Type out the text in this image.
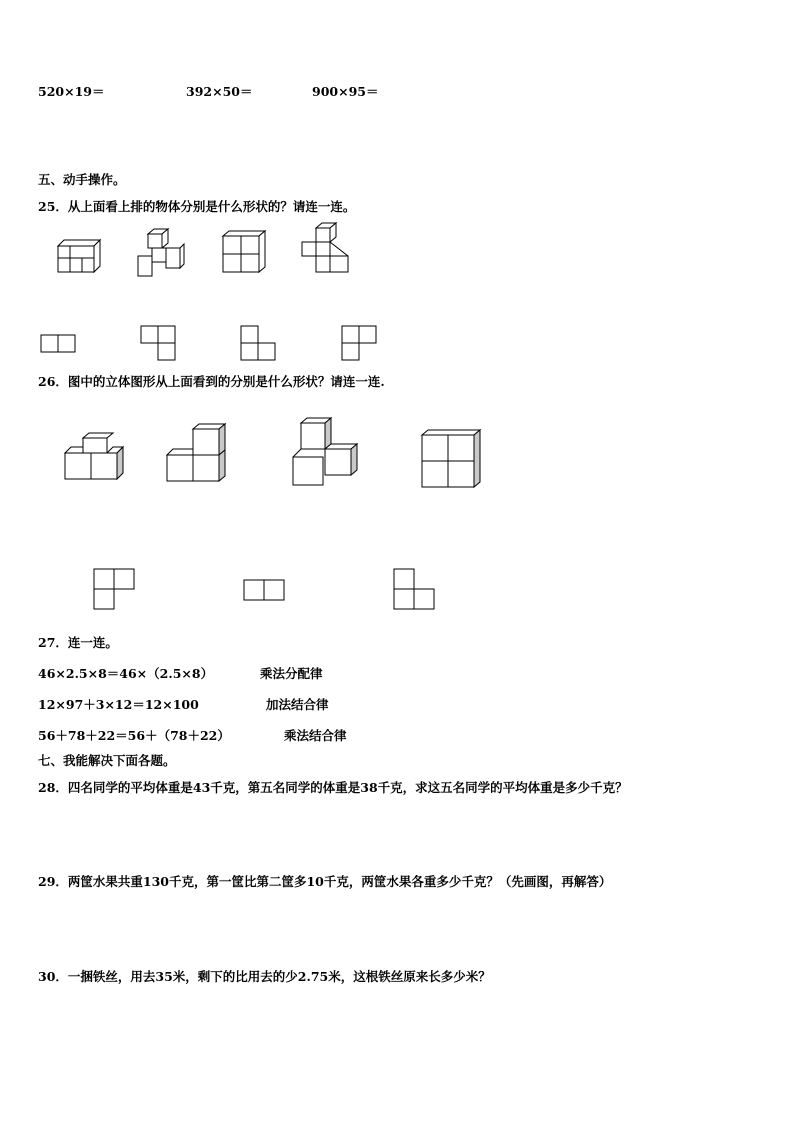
520×19＝	392×50＝	900×95＝
五、动手操作。
25．从上面看上排的物体分别是什么形状的？请连一连。
26．图中的立体图形从上面看到的分别是什么形状？请连一连.
27．连一连。
46×2.5×8＝46×（2.5×8）	乘法分配律
12×97＋3×12＝12×100	加法结合律
56＋78＋22＝56＋（78＋22）	乘法结合律
七、我能解决下面各题。
28．四名同学的平均体重是43千克，第五名同学的体重是38千克，求这五名同学的平均体重是多少千克？
29．两筐水果共重130千克，第一筐比第二筐多10千克，两筐水果各重多少千克？（先画图，再解答）
30．一捆铁丝，用去35米，剩下的比用去的少2.75米，这根铁丝原来长多少米？
